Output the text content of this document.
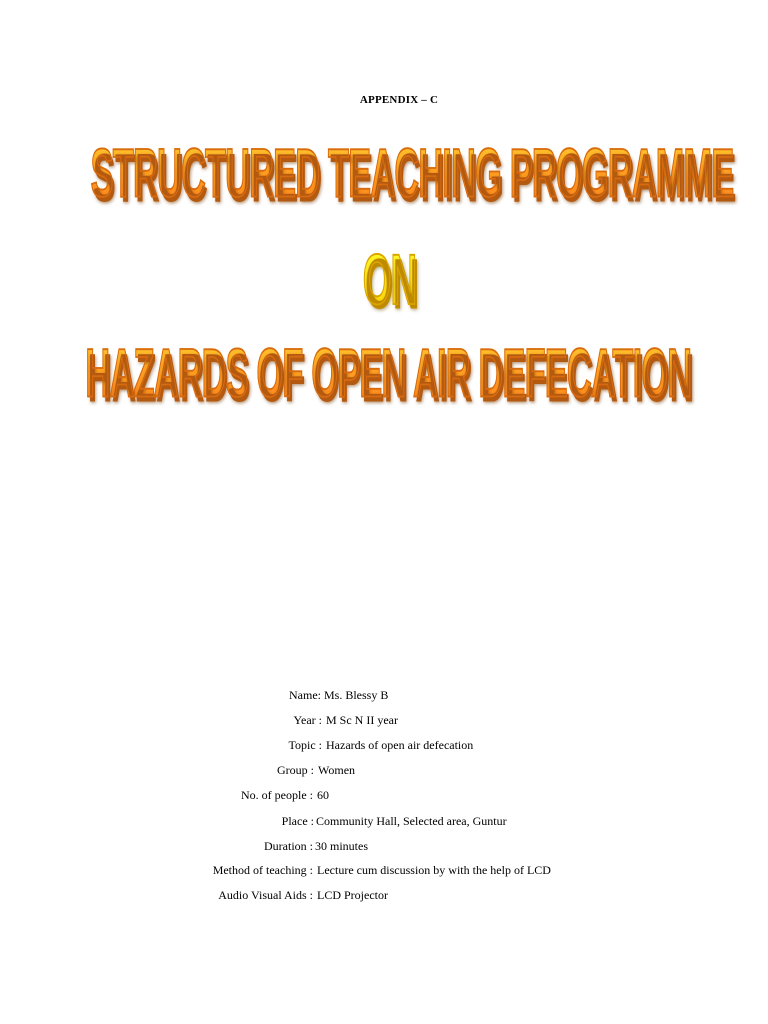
APPENDIX – C
STRUCTURED TEACHING PROGRAMME
ON
HAZARDS OF OPEN AIR DEFECATION
Name: Ms. Blessy B
Year : M Sc N II year
Topic : Hazards of open air defecation
Group : Women
No. of people : 60
Place : Community Hall, Selected area, Guntur
Duration : 30 minutes
Method of teaching : Lecture cum discussion by with the help of LCD
Audio Visual Aids : LCD Projector
